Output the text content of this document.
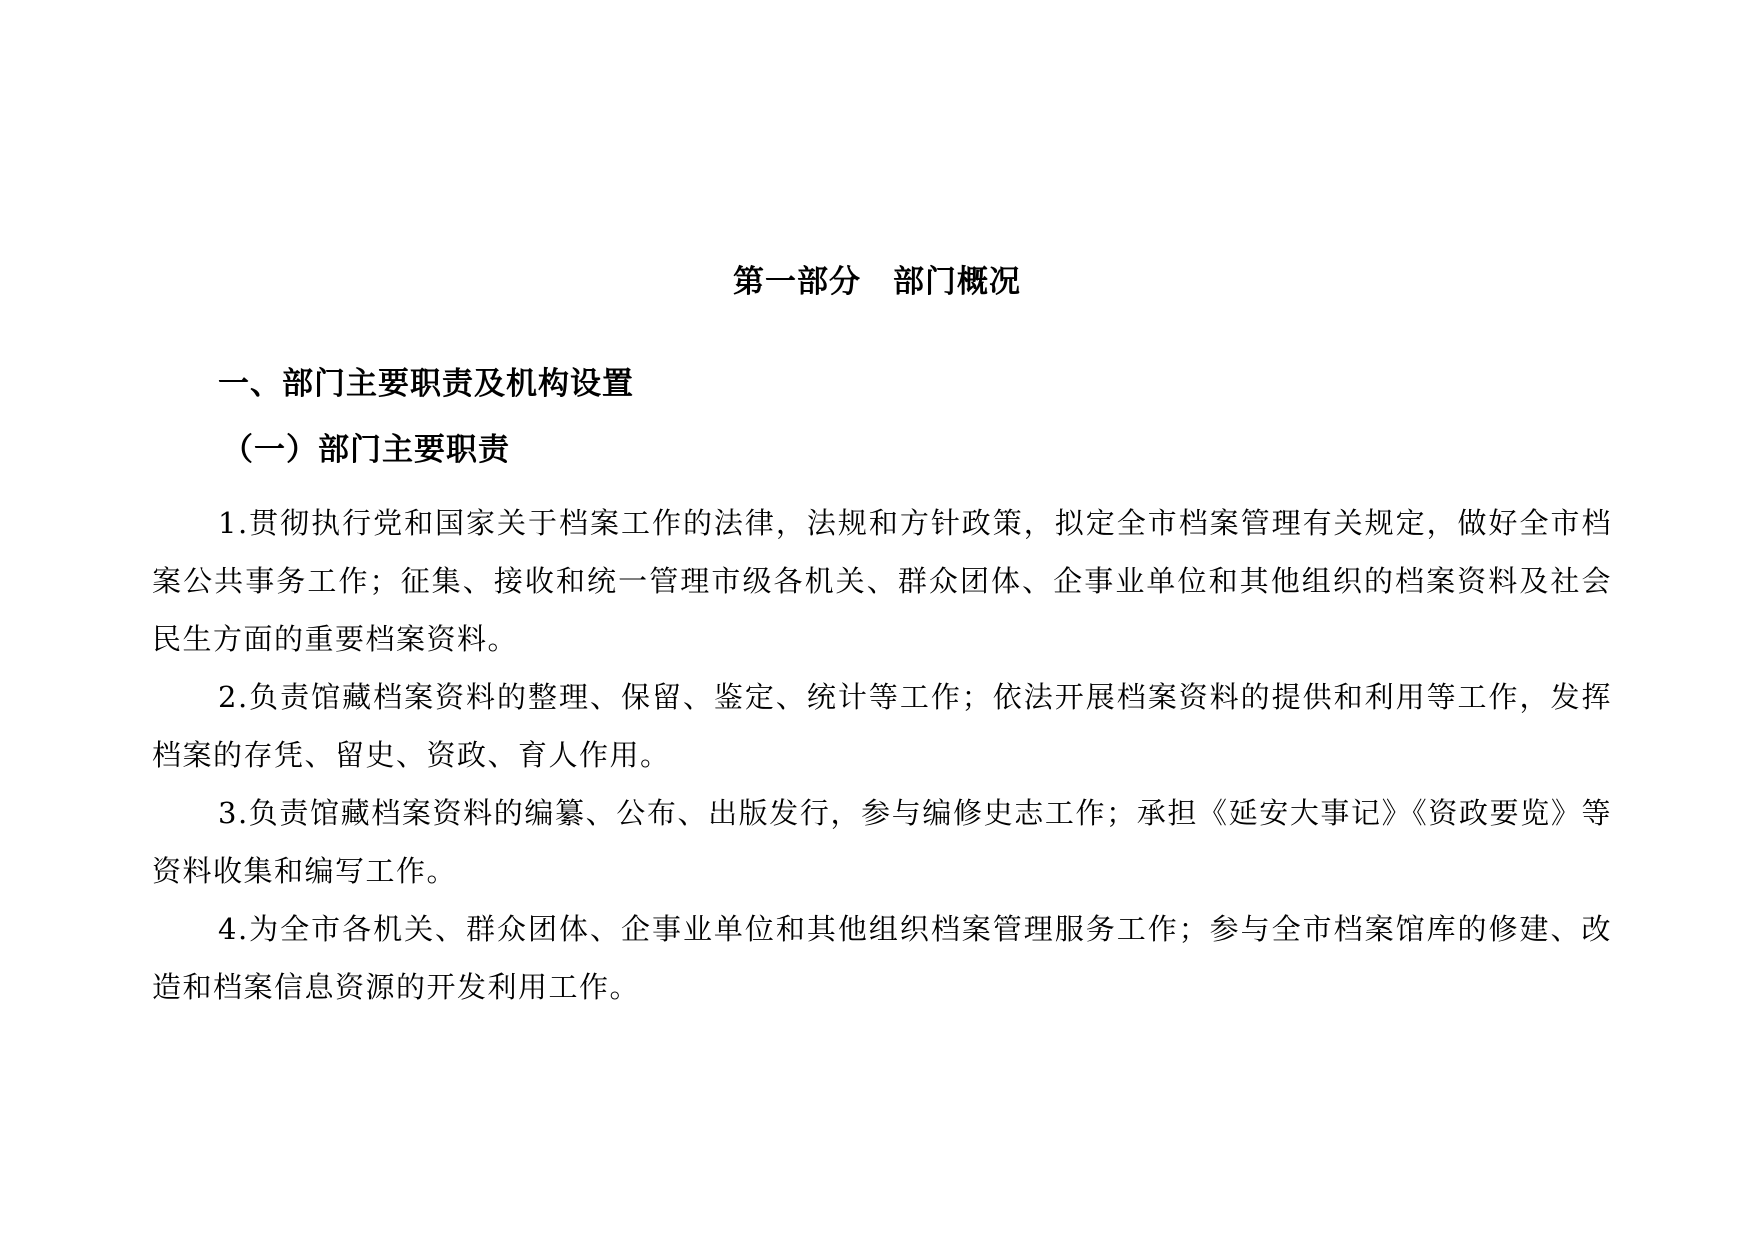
第一部分　部门概况
一、部门主要职责及机构设置
（一）部门主要职责
1.贯彻执行党和国家关于档案工作的法律，法规和方针政策，拟定全市档案管理有关规定，做好全市档案公共事务工作；征集、接收和统一管理市级各机关、群众团体、企事业单位和其他组织的档案资料及社会民生方面的重要档案资料。
2.负责馆藏档案资料的整理、保留、鉴定、统计等工作；依法开展档案资料的提供和利用等工作，发挥档案的存凭、留史、资政、育人作用。
3.负责馆藏档案资料的编纂、公布、出版发行，参与编修史志工作；承担《延安大事记》《资政要览》等资料收集和编写工作。
4.为全市各机关、群众团体、企事业单位和其他组织档案管理服务工作；参与全市档案馆库的修建、改造和档案信息资源的开发利用工作。
